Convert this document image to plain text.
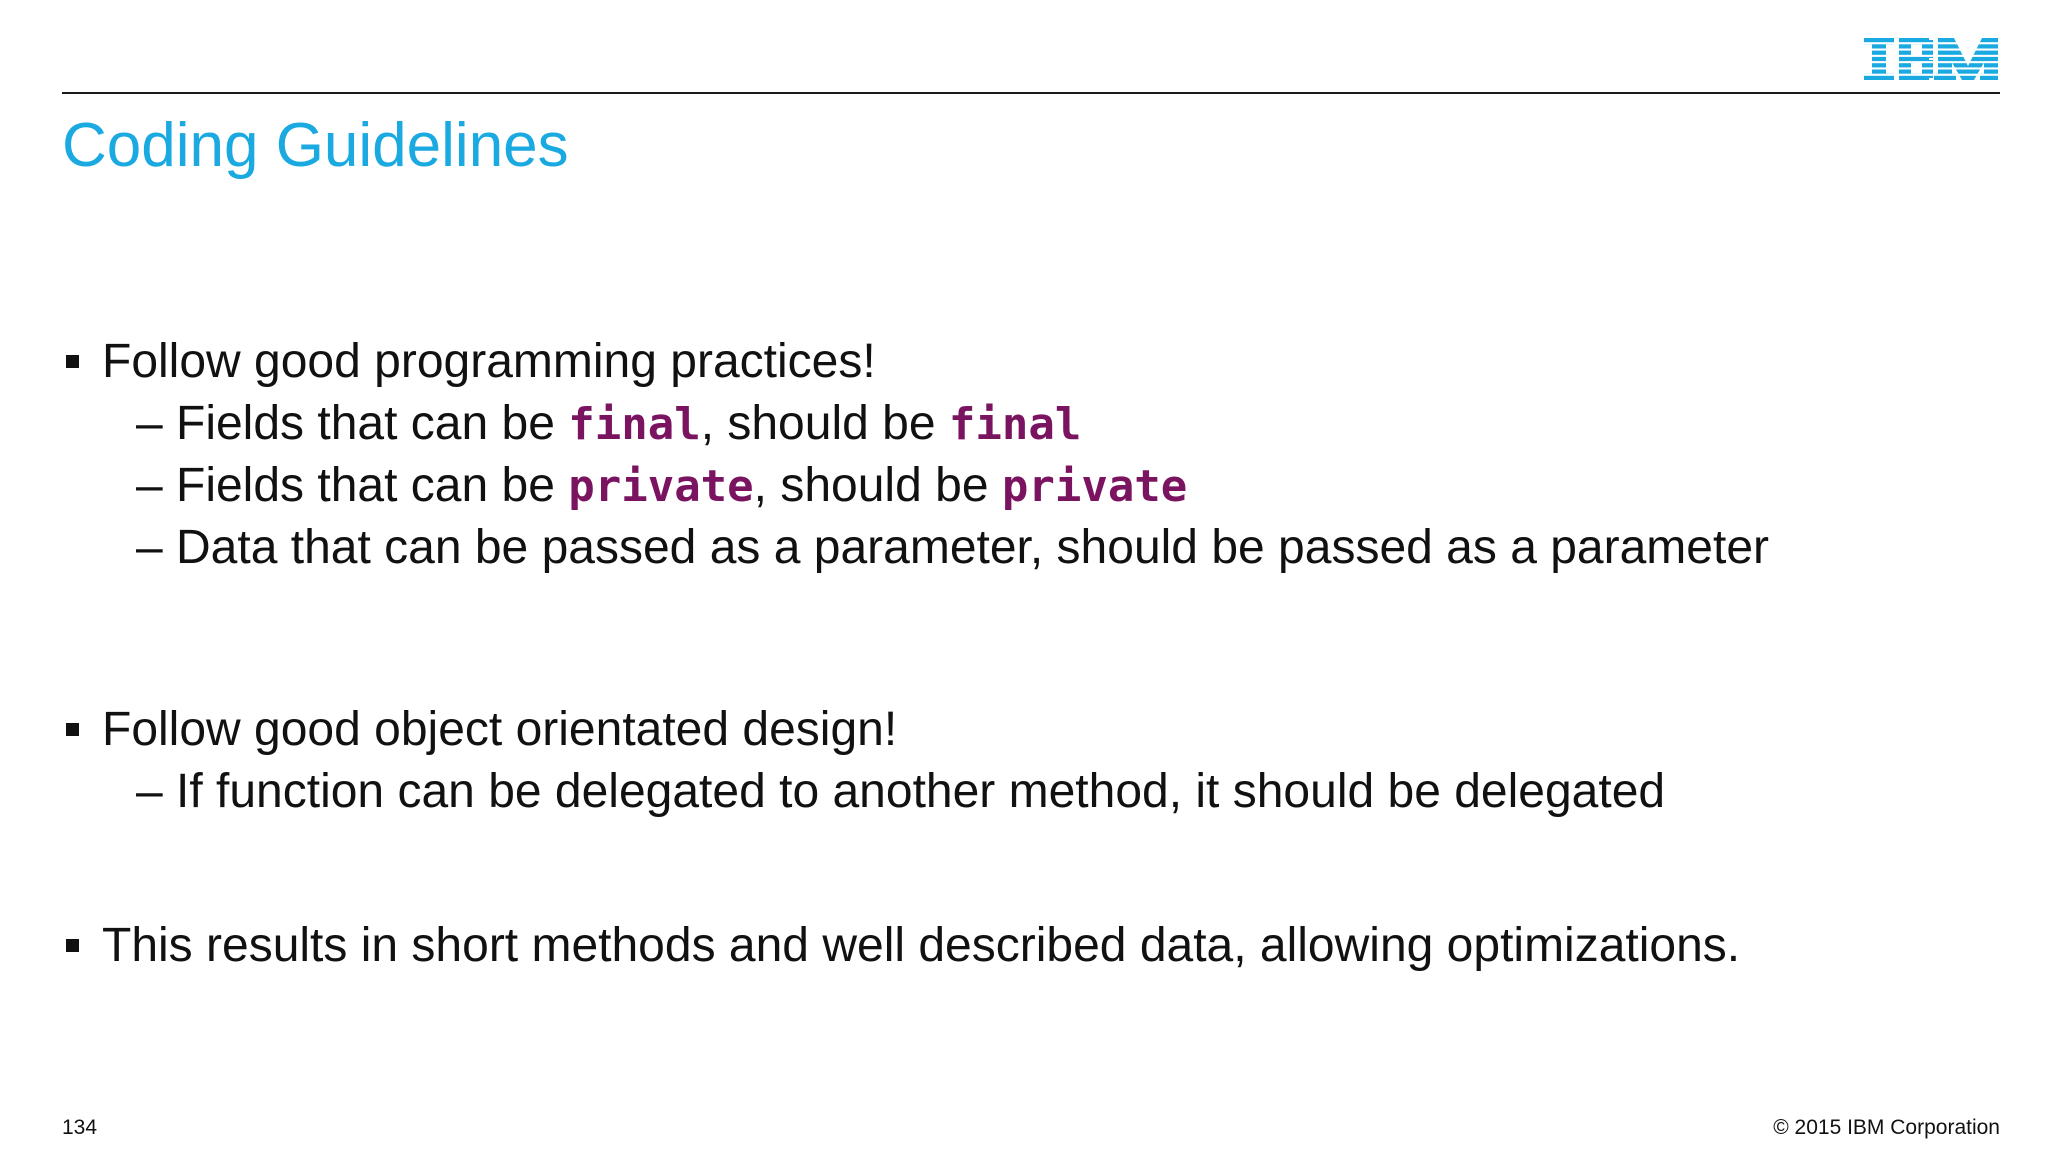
Coding Guidelines
Follow good programming practices!
– Fields that can be final, should be final
– Fields that can be private, should be private
– Data that can be passed as a parameter, should be passed as a parameter
Follow good object orientated design!
– If function can be delegated to another method, it should be delegated
This results in short methods and well described data, allowing optimizations.
134	© 2015 IBM Corporation
